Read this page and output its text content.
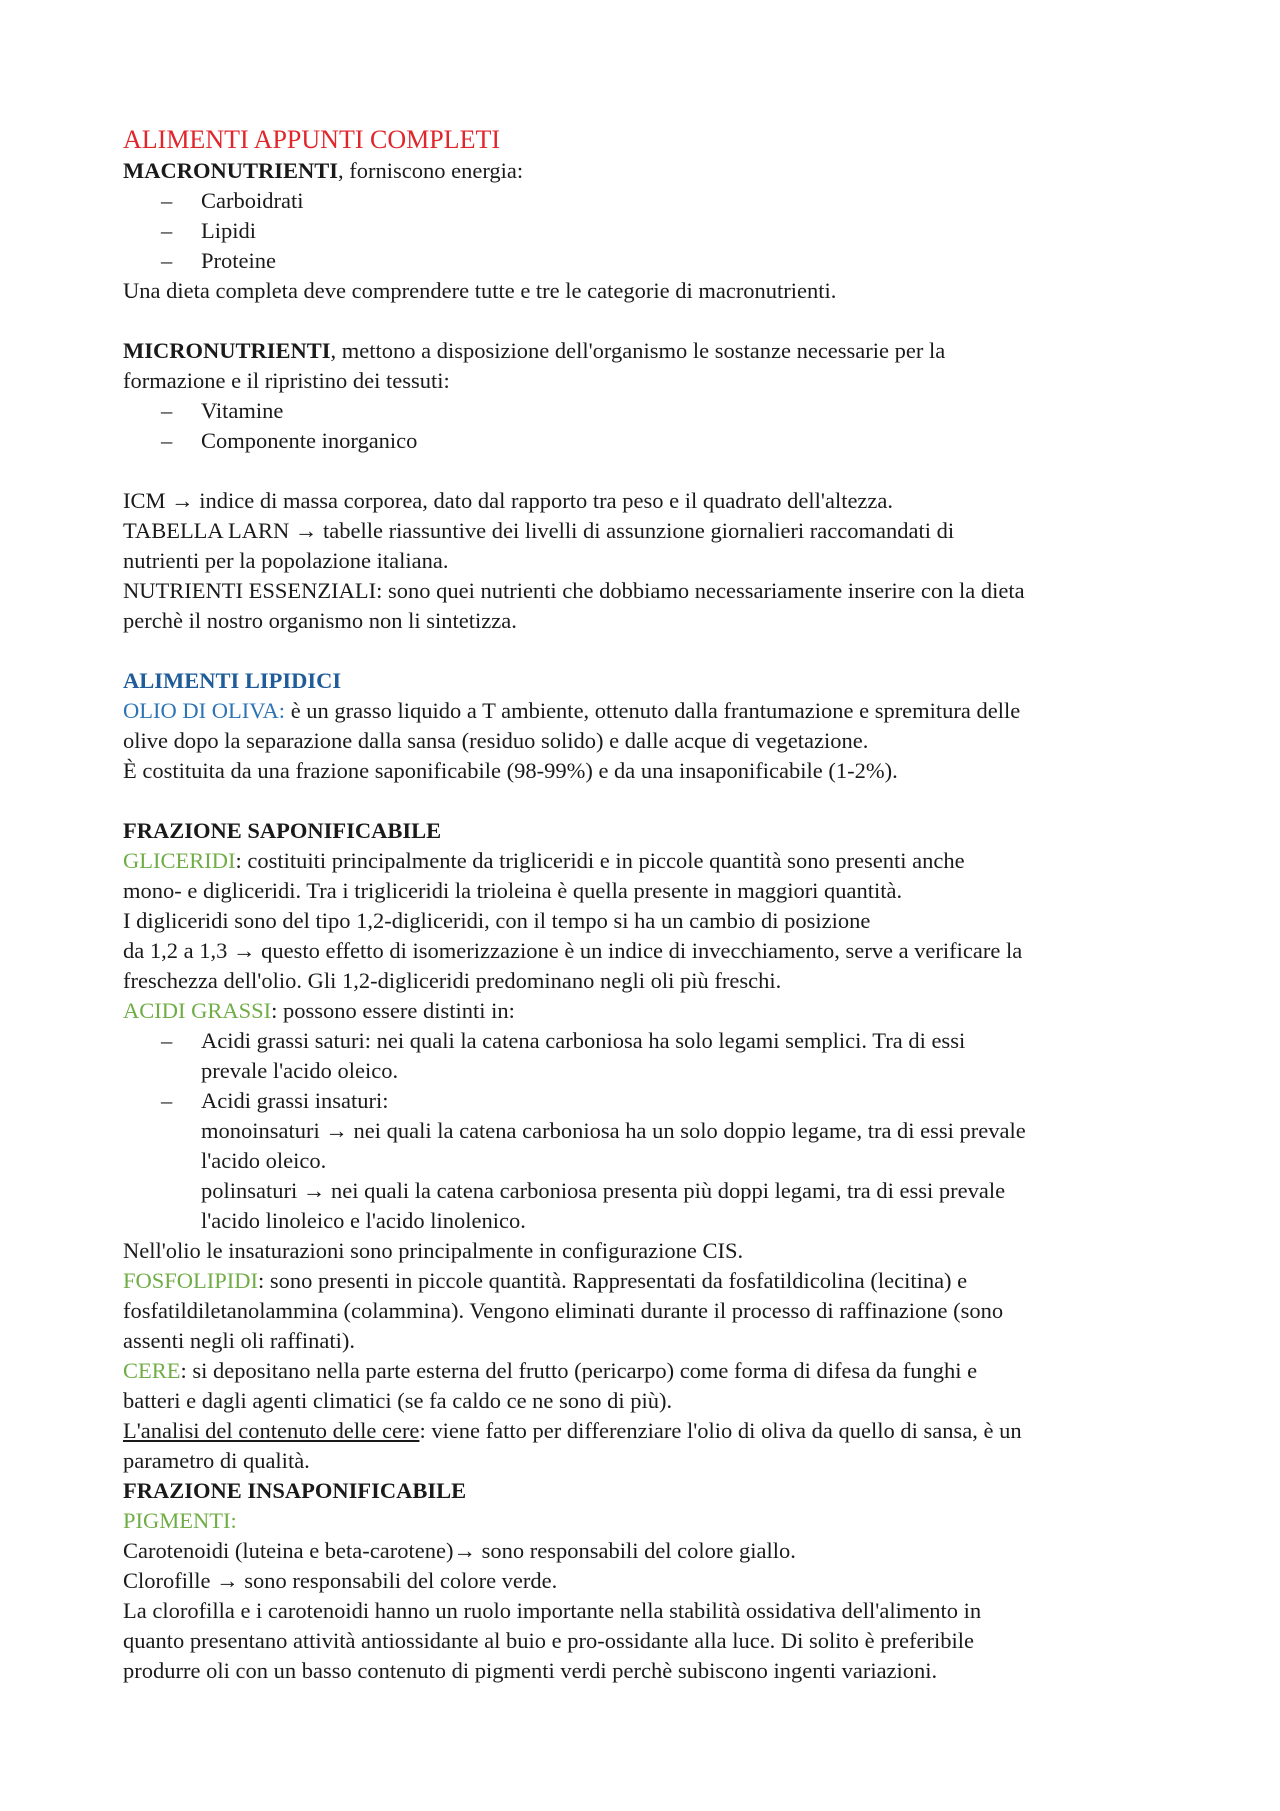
ALIMENTI APPUNTI COMPLETI
MACRONUTRIENTI, forniscono energia:
– Carboidrati
– Lipidi
– Proteine
Una dieta completa deve comprendere tutte e tre le categorie di macronutrienti.
MICRONUTRIENTI, mettono a disposizione dell'organismo le sostanze necessarie per la
formazione e il ripristino dei tessuti:
– Vitamine
– Componente inorganico
ICM → indice di massa corporea, dato dal rapporto tra peso e il quadrato dell'altezza.
TABELLA LARN → tabelle riassuntive dei livelli di assunzione giornalieri raccomandati di
nutrienti per la popolazione italiana.
NUTRIENTI ESSENZIALI: sono quei nutrienti che dobbiamo necessariamente inserire con la dieta
perchè il nostro organismo non li sintetizza.
ALIMENTI LIPIDICI
OLIO DI OLIVA: è un grasso liquido a T ambiente, ottenuto dalla frantumazione e spremitura delle
olive dopo la separazione dalla sansa (residuo solido) e dalle acque di vegetazione.
È costituita da una frazione saponificabile (98-99%) e da una insaponificabile (1-2%).
FRAZIONE SAPONIFICABILE
GLICERIDI: costituiti principalmente da trigliceridi e in piccole quantità sono presenti anche
mono- e digliceridi. Tra i trigliceridi la trioleina è quella presente in maggiori quantità.
I digliceridi sono del tipo 1,2-digliceridi, con il tempo si ha un cambio di posizione
da 1,2 a 1,3 → questo effetto di isomerizzazione è un indice di invecchiamento, serve a verificare la
freschezza dell'olio. Gli 1,2-digliceridi predominano negli oli più freschi.
ACIDI GRASSI: possono essere distinti in:
– Acidi grassi saturi: nei quali la catena carboniosa ha solo legami semplici. Tra di essi
prevale l'acido oleico.
– Acidi grassi insaturi:
monoinsaturi → nei quali la catena carboniosa ha un solo doppio legame, tra di essi prevale
l'acido oleico.
polinsaturi → nei quali la catena carboniosa presenta più doppi legami, tra di essi prevale
l'acido linoleico e l'acido linolenico.
Nell'olio le insaturazioni sono principalmente in configurazione CIS.
FOSFOLIPIDI: sono presenti in piccole quantità. Rappresentati da fosfatildicolina (lecitina) e
fosfatildiletanolammina (colammina). Vengono eliminati durante il processo di raffinazione (sono
assenti negli oli raffinati).
CERE: si depositano nella parte esterna del frutto (pericarpo) come forma di difesa da funghi e
batteri e dagli agenti climatici (se fa caldo ce ne sono di più).
L'analisi del contenuto delle cere: viene fatto per differenziare l'olio di oliva da quello di sansa, è un
parametro di qualità.
FRAZIONE INSAPONIFICABILE
PIGMENTI:
Carotenoidi (luteina e beta-carotene)→ sono responsabili del colore giallo.
Clorofille → sono responsabili del colore verde.
La clorofilla e i carotenoidi hanno un ruolo importante nella stabilità ossidativa dell'alimento in
quanto presentano attività antiossidante al buio e pro-ossidante alla luce. Di solito è preferibile
produrre oli con un basso contenuto di pigmenti verdi perchè subiscono ingenti variazioni.
